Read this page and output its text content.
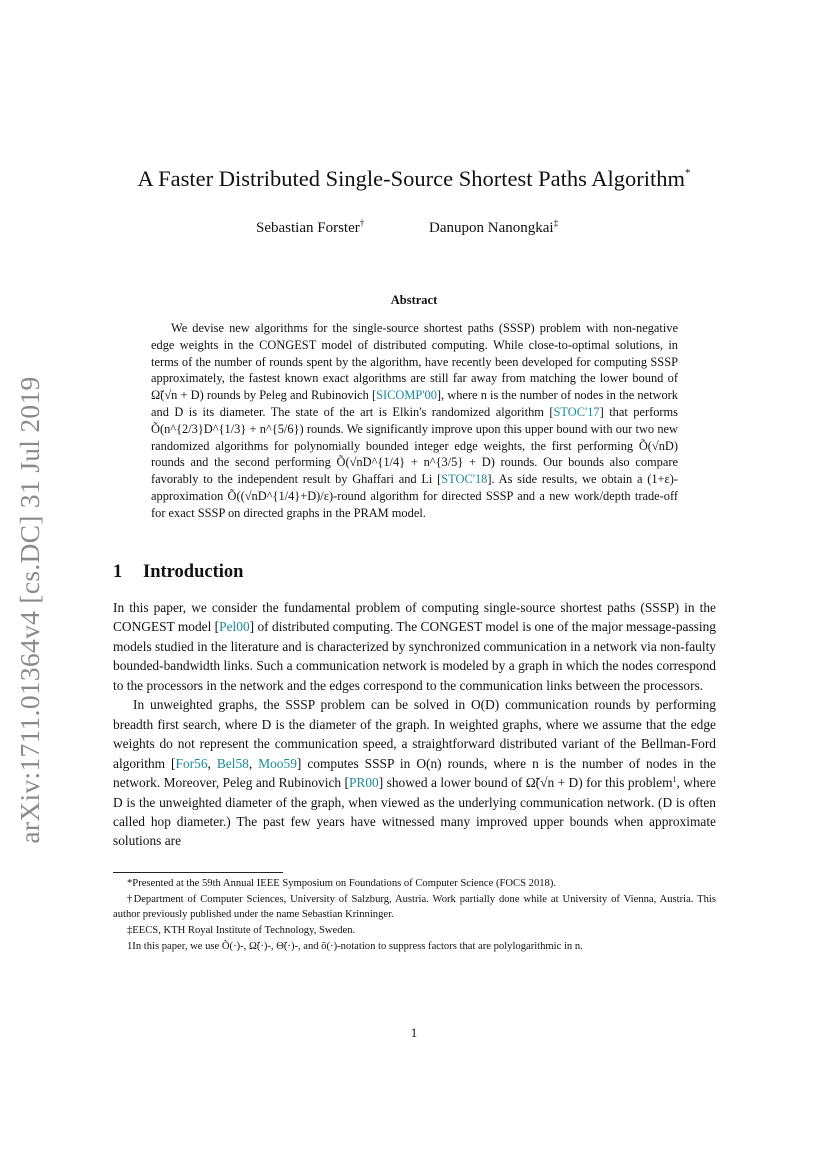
A Faster Distributed Single-Source Shortest Paths Algorithm*
Sebastian Forster†	Danupon Nanongkai‡
arXiv:1711.01364v4 [cs.DC] 31 Jul 2019
Abstract

We devise new algorithms for the single-source shortest paths (SSSP) problem with non-negative edge weights in the CONGEST model of distributed computing. While close-to-optimal solutions, in terms of the number of rounds spent by the algorithm, have recently been developed for computing SSSP approximately, the fastest known exact algorithms are still far away from matching the lower bound of Ω̃(√n + D) rounds by Peleg and Rubinovich [SICOMP'00], where n is the number of nodes in the network and D is its diameter. The state of the art is Elkin's randomized algorithm [STOC'17] that performs Õ(n^{2/3}D^{1/3} + n^{5/6}) rounds. We significantly improve upon this upper bound with our two new randomized algorithms for polynomially bounded integer edge weights, the first performing Õ(√nD) rounds and the second performing Õ(√nD^{1/4} + n^{3/5} + D) rounds. Our bounds also compare favorably to the independent result by Ghaffari and Li [STOC'18]. As side results, we obtain a (1+ε)-approximation Õ((√nD^{1/4}+D)/ε)-round algorithm for directed SSSP and a new work/depth trade-off for exact SSSP on directed graphs in the PRAM model.

1 Introduction

In this paper, we consider the fundamental problem of computing single-source shortest paths (SSSP) in the CONGEST model [Pel00] of distributed computing. The CONGEST model is one of the major message-passing models studied in the literature and is characterized by synchronized communication in a network via non-faulty bounded-bandwidth links. Such a communication network is modeled by a graph in which the nodes correspond to the processors in the network and the edges correspond to the communication links between the processors.

In unweighted graphs, the SSSP problem can be solved in O(D) communication rounds by performing breadth first search, where D is the diameter of the graph. In weighted graphs, where we assume that the edge weights do not represent the communication speed, a straightforward distributed variant of the Bellman-Ford algorithm [For56, Bel58, Moo59] computes SSSP in O(n) rounds, where n is the number of nodes in the network. Moreover, Peleg and Rubinovich [PR00] showed a lower bound of Ω̃(√n + D) for this problem$^1$, where D is the unweighted diameter of the graph, when viewed as the underlying communication network. (D is often called hop diameter.) The past few years have witnessed many improved upper bounds when approximate solutions are

*Presented at the 59th Annual IEEE Symposium on Foundations of Computer Science (FOCS 2018).

†Department of Computer Sciences, University of Salzburg, Austria. Work partially done while at University of Vienna, Austria. This author previously published under the name Sebastian Krinninger.

‡EECS, KTH Royal Institute of Technology, Sweden.

1In this paper, we use Õ(·)-, Ω̃(·)-, Θ̃(·)-, and õ(·)-notation to suppress factors that are polylogarithmic in n.

1
